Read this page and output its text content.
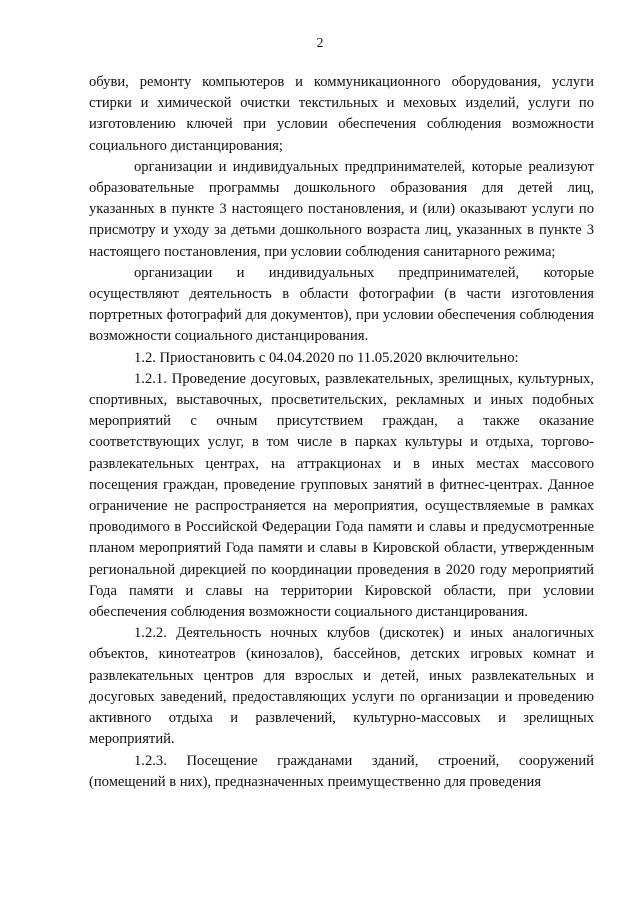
2

обуви, ремонту компьютеров и коммуникационного оборудования, услуги стирки и химической очистки текстильных и меховых изделий, услуги по изготовлению ключей при условии обеспечения соблюдения возможности социального дистанцирования;

организации и индивидуальных предпринимателей, которые реализуют образовательные программы дошкольного образования для детей лиц, указанных в пункте 3 настоящего постановления, и (или) оказывают услуги по присмотру и уходу за детьми дошкольного возраста лиц, указанных в пункте 3 настоящего постановления, при условии соблюдения санитарного режима;

организации и индивидуальных предпринимателей, которые осуществляют деятельность в области фотографии (в части изготовления портретных фотографий для документов), при условии обеспечения соблюдения возможности социального дистанцирования.

1.2. Приостановить с 04.04.2020 по 11.05.2020 включительно:

1.2.1. Проведение досуговых, развлекательных, зрелищных, культурных, спортивных, выставочных, просветительских, рекламных и иных подобных мероприятий с очным присутствием граждан, а также оказание соответствующих услуг, в том числе в парках культуры и отдыха, торгово-развлекательных центрах, на аттракционах и в иных местах массового посещения граждан, проведение групповых занятий в фитнес-центрах. Данное ограничение не распространяется на мероприятия, осуществляемые в рамках проводимого в Российской Федерации Года памяти и славы и предусмотренные планом мероприятий Года памяти и славы в Кировской области, утвержденным региональной дирекцией по координации проведения в 2020 году мероприятий Года памяти и славы на территории Кировской области, при условии обеспечения соблюдения возможности социального дистанцирования.

1.2.2. Деятельность ночных клубов (дискотек) и иных аналогичных объектов, кинотеатров (кинозалов), бассейнов, детских игровых комнат и развлекательных центров для взрослых и детей, иных развлекательных и досуговых заведений, предоставляющих услуги по организации и проведению активного отдыха и развлечений, культурно-массовых и зрелищных мероприятий.

1.2.3. Посещение гражданами зданий, строений, сооружений (помещений в них), предназначенных преимущественно для проведения
